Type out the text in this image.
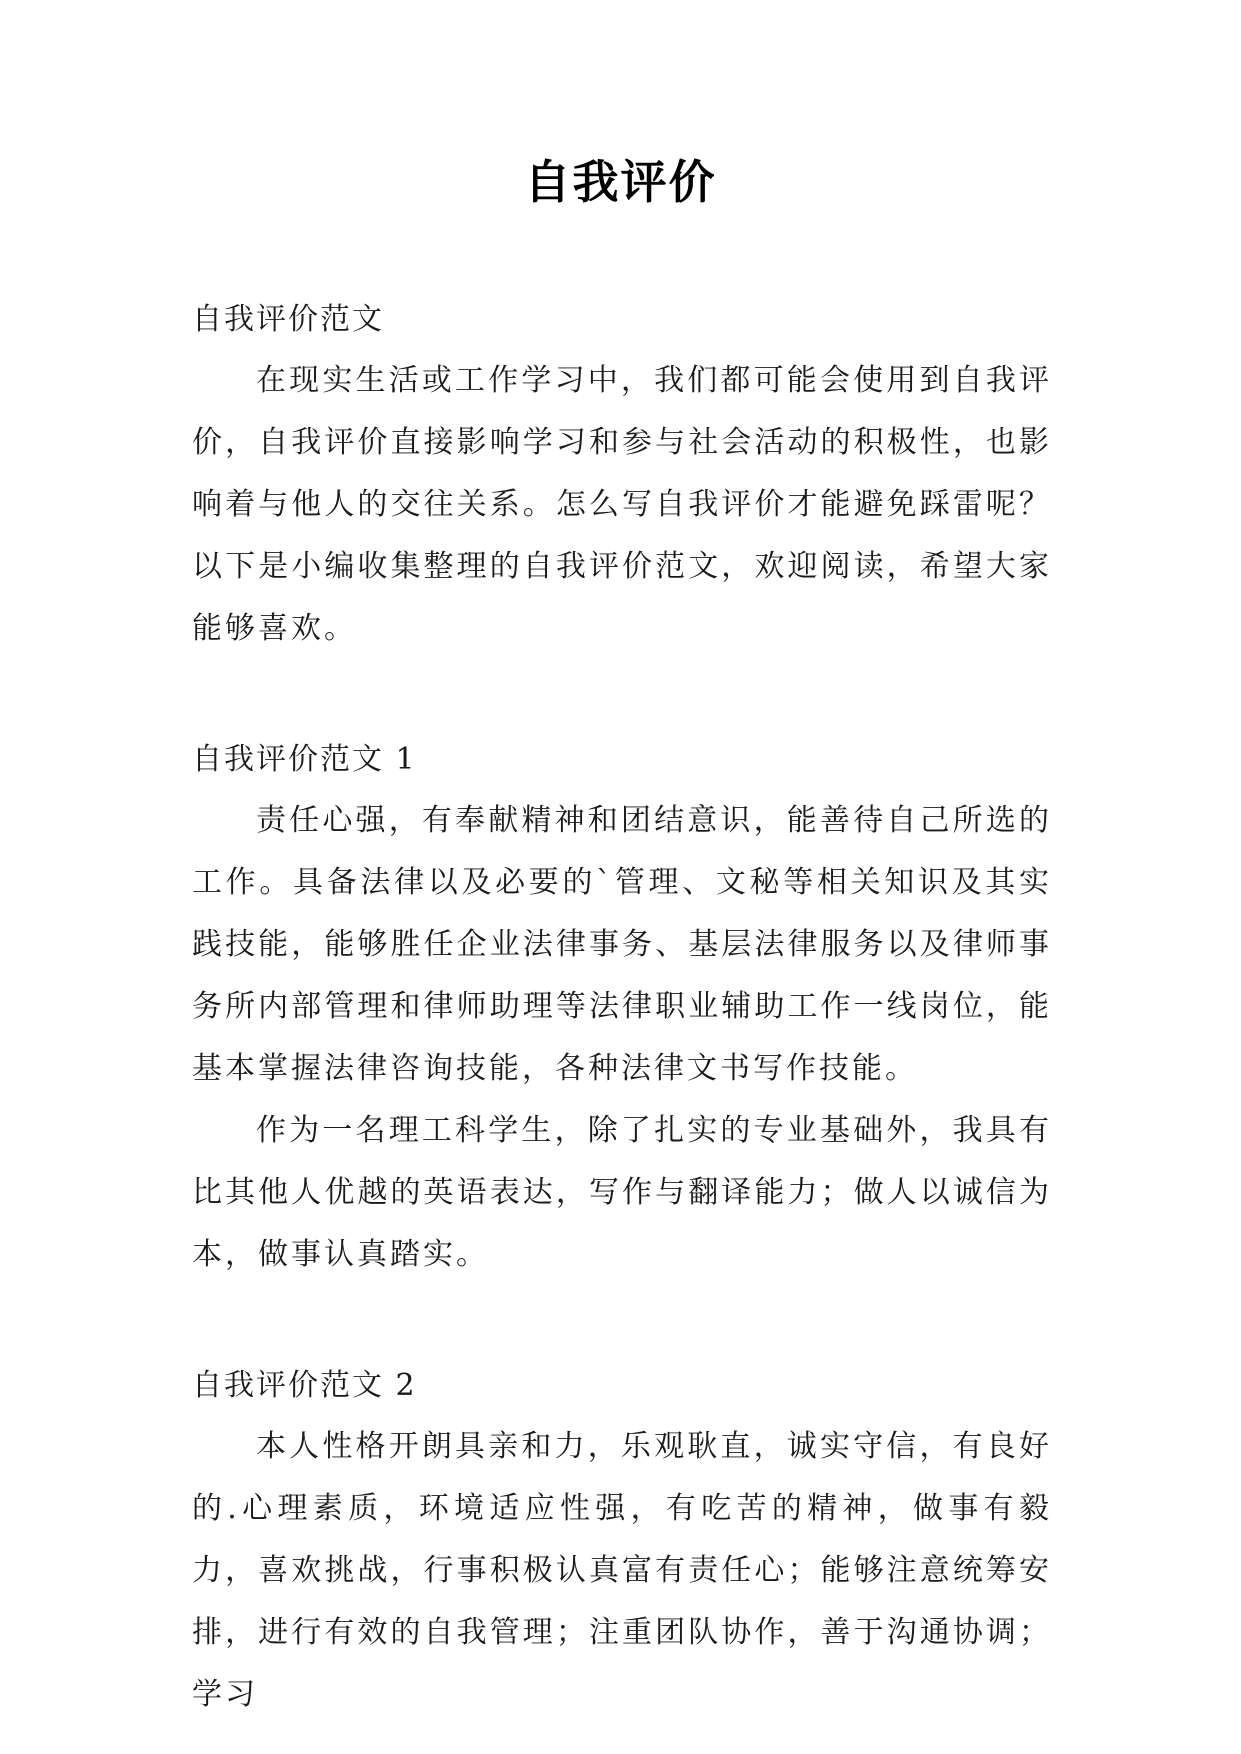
自我评价

自我评价范文

在现实生活或工作学习中，我们都可能会使用到自我评价，自我评价直接影响学习和参与社会活动的积极性，也影响着与他人的交往关系。怎么写自我评价才能避免踩雷呢？以下是小编收集整理的自我评价范文，欢迎阅读，希望大家能够喜欢。

自我评价范文 1

责任心强，有奉献精神和团结意识，能善待自己所选的工作。具备法律以及必要的`管理、文秘等相关知识及其实践技能，能够胜任企业法律事务、基层法律服务以及律师事务所内部管理和律师助理等法律职业辅助工作一线岗位，能基本掌握法律咨询技能，各种法律文书写作技能。

作为一名理工科学生，除了扎实的专业基础外，我具有比其他人优越的英语表达，写作与翻译能力；做人以诚信为本，做事认真踏实。

自我评价范文 2

本人性格开朗具亲和力，乐观耿直，诚实守信，有良好的.心理素质，环境适应性强，有吃苦的精神，做事有毅力，喜欢挑战，行事积极认真富有责任心；能够注意统筹安排，进行有效的自我管理；注重团队协作，善于沟通协调；学习
